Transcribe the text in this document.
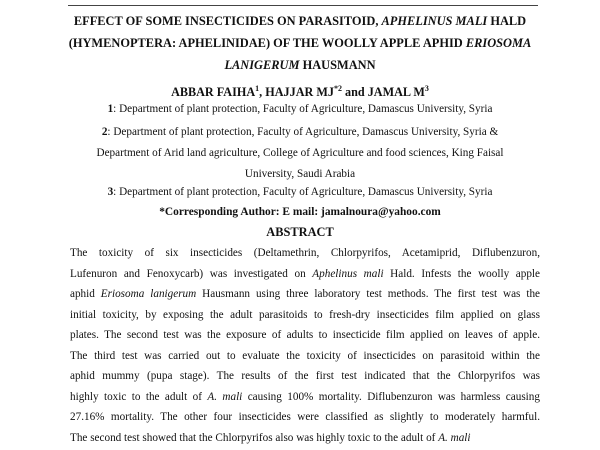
EFFECT OF SOME INSECTICIDES ON PARASITOID, APHELINUS MALI HALD
(HYMENOPTERA: APHELINIDAE) OF THE WOOLLY APPLE APHID ERIOSOMA
LANIGERUM HAUSMANN
ABBAR FAIHA$^1$, HAJJAR MJ$^{*2}$ and JAMAL $M^3$
1: Department of plant protection, Faculty of Agriculture, Damascus University, Syria
2: Department of plant protection, Faculty of Agriculture, Damascus University, Syria &
Department of Arid land agriculture, College of Agriculture and food sciences, King Faisal
University, Saudi Arabia
3: Department of plant protection, Faculty of Agriculture, Damascus University, Syria
*Corresponding Author: E mail: jamalnoura@yahoo.com
ABSTRACT
The toxicity of six insecticides (Deltamethrin, Chlorpyrifos, Acetamiprid, Diflubenzuron,
Lufenuron and Fenoxycarb) was investigated on Aphelinus mali Hald. Infests the woolly apple
aphid Eriosoma lanigerum Hausmann using three laboratory test methods. The first test was the
initial toxicity, by exposing the adult parasitoids to fresh-dry insecticides film applied on glass
plates. The second test was the exposure of adults to insecticide film applied on leaves of apple.
The third test was carried out to evaluate the toxicity of insecticides on parasitoid within the
aphid mummy (pupa stage). The results of the first test indicated that the Chlorpyrifos was
highly toxic to the adult of A. mali causing 100% mortality. Diflubenzuron was harmless causing
27.16% mortality. The other four insecticides were classified as slightly to moderately harmful.
The second test showed that the Chlorpyrifos also was highly toxic to the adult of A. mali
